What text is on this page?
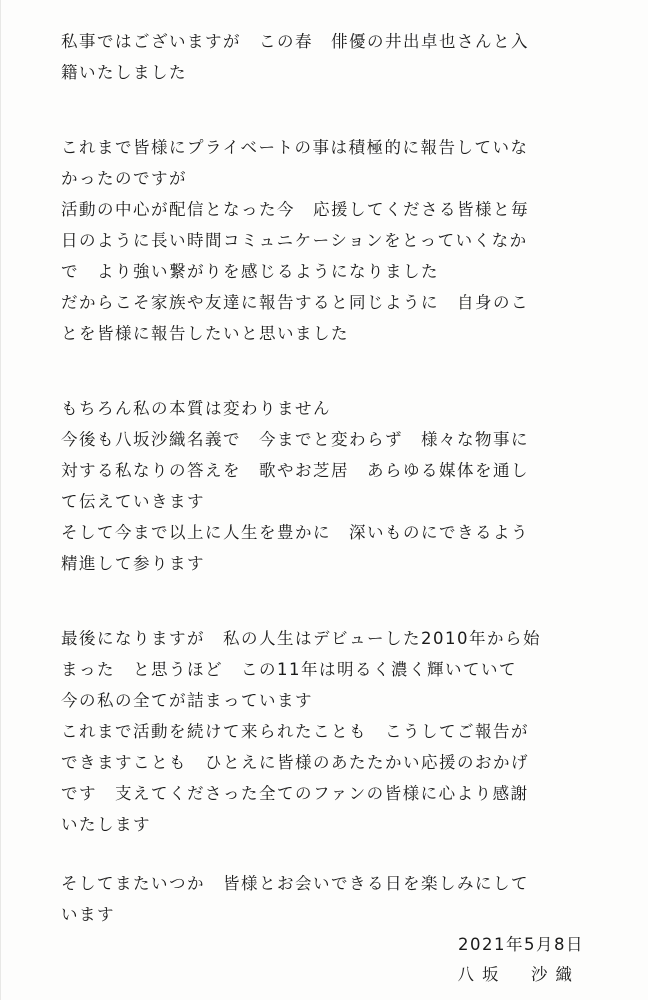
私事ではございますが　この春　俳優の井出卓也さんと入
籍いたしました
これまで皆様にプライベートの事は積極的に報告していな
かったのですが
活動の中心が配信となった今　応援してくださる皆様と毎
日のように長い時間コミュニケーションをとっていくなか
で　より強い繋がりを感じるようになりました
だからこそ家族や友達に報告すると同じように　自身のこ
とを皆様に報告したいと思いました
もちろん私の本質は変わりません
今後も八坂沙織名義で　今までと変わらず　様々な物事に
対する私なりの答えを　歌やお芝居　あらゆる媒体を通し
て伝えていきます
そして今まで以上に人生を豊かに　深いものにできるよう
精進して参ります
最後になりますが　私の人生はデビューした2010年から始
まった　と思うほど　この11年は明るく濃く輝いていて
今の私の全てが詰まっています
これまで活動を続けて来られたことも　こうしてご報告が
できますことも　ひとえに皆様のあたたかい応援のおかげ
です　支えてくださった全てのファンの皆様に心より感謝
いたします
そしてまたいつか　皆様とお会いできる日を楽しみにして
います
2021年5月8日
八坂　沙織
